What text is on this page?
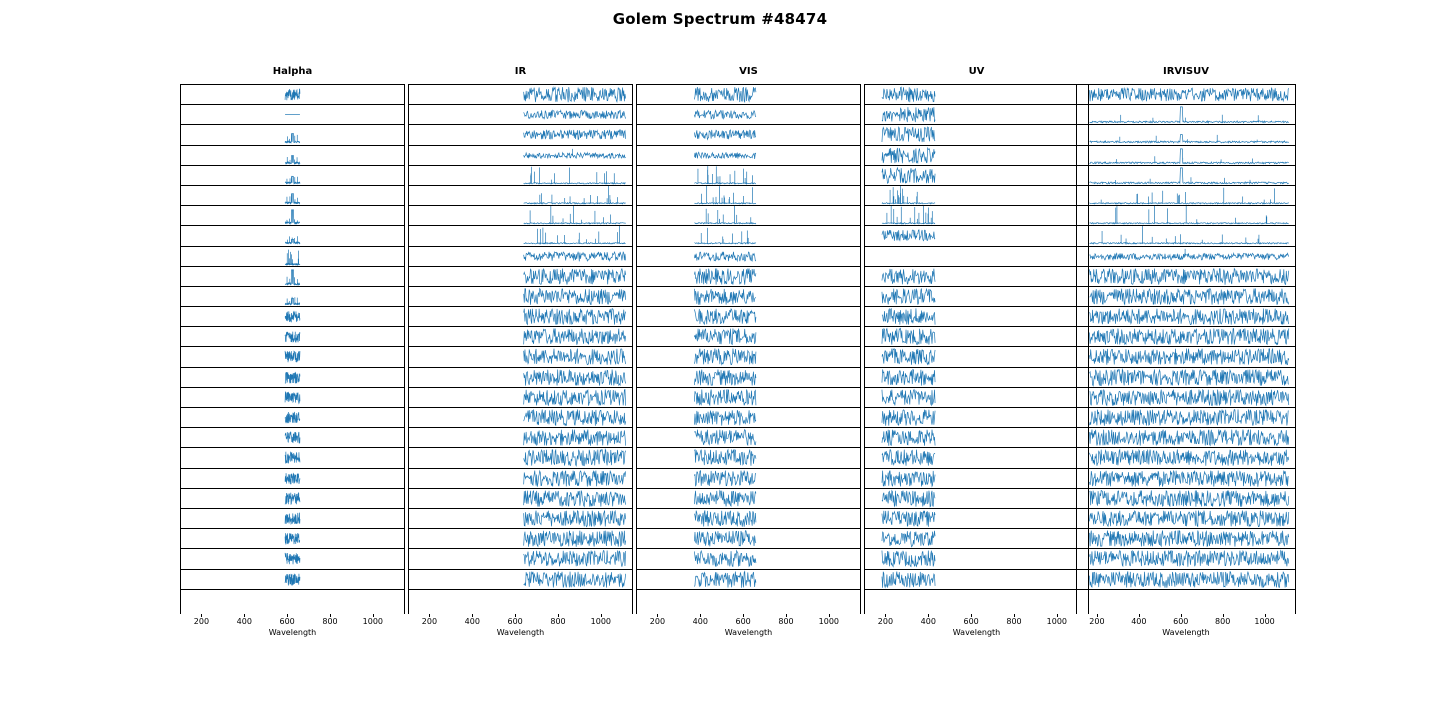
Golem Spectrum #48474
Halpha
200	400	600	800	1000
Wavelength
IR
200	400	600	800	1000
Wavelength
VIS
200	400	600	800	1000
Wavelength
UV
200	400	600	800	1000
Wavelength
IRVISUV
200	400	600	800	1000
Wavelength
